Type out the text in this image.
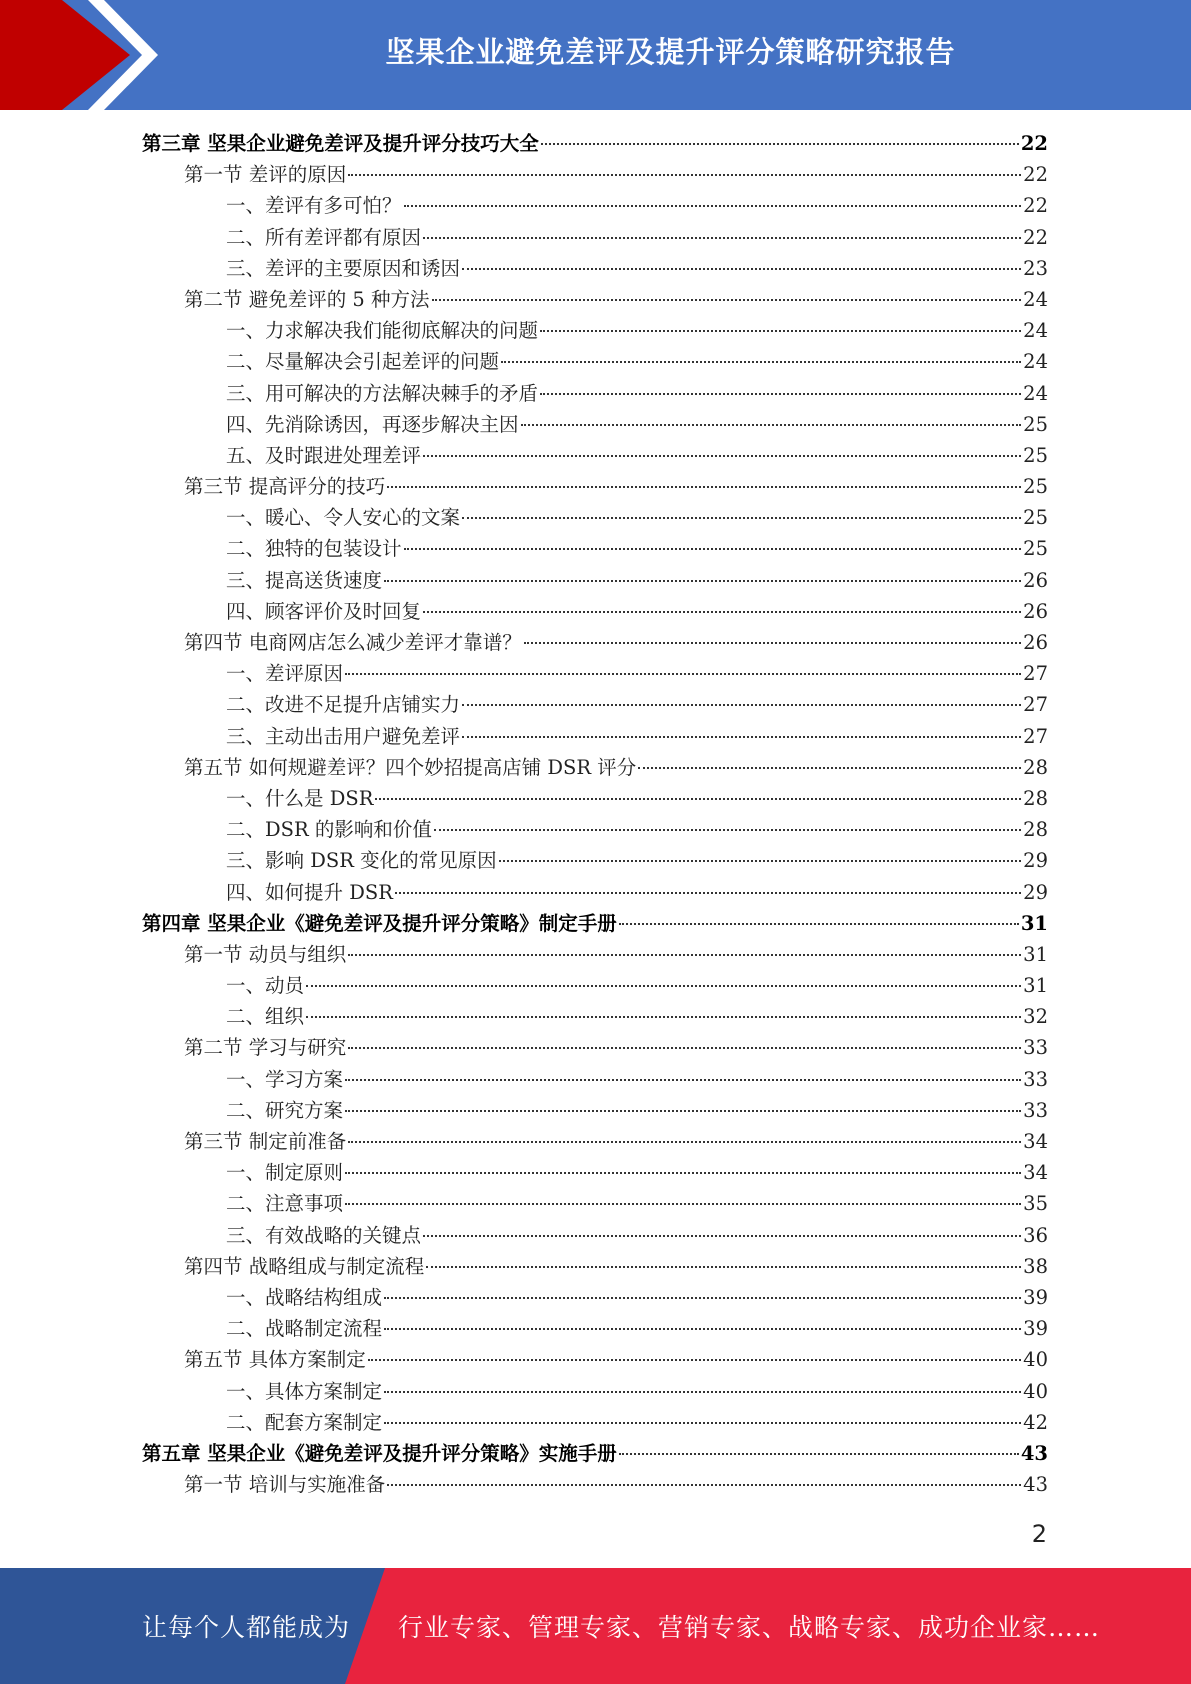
坚果企业避免差评及提升评分策略研究报告
第三章 坚果企业避免差评及提升评分技巧大全	22
第一节 差评的原因	22
一、差评有多可怕？	22
二、所有差评都有原因	22
三、差评的主要原因和诱因	23
第二节 避免差评的 5 种方法	24
一、力求解决我们能彻底解决的问题	24
二、尽量解决会引起差评的问题	24
三、用可解决的方法解决棘手的矛盾	24
四、先消除诱因，再逐步解决主因	25
五、及时跟进处理差评	25
第三节 提高评分的技巧	25
一、暖心、令人安心的文案	25
二、独特的包装设计	25
三、提高送货速度	26
四、顾客评价及时回复	26
第四节 电商网店怎么减少差评才靠谱？	26
一、差评原因	27
二、改进不足提升店铺实力	27
三、主动出击用户避免差评	27
第五节 如何规避差评？四个妙招提高店铺 DSR 评分	28
一、什么是 DSR	28
二、DSR 的影响和价值	28
三、影响 DSR 变化的常见原因	29
四、如何提升 DSR	29
第四章 坚果企业《避免差评及提升评分策略》制定手册	31
第一节 动员与组织	31
一、动员	31
二、组织	32
第二节 学习与研究	33
一、学习方案	33
二、研究方案	33
第三节 制定前准备	34
一、制定原则	34
二、注意事项	35
三、有效战略的关键点	36
第四节 战略组成与制定流程	38
一、战略结构组成	39
二、战略制定流程	39
第五节 具体方案制定	40
一、具体方案制定	40
二、配套方案制定	42
第五章 坚果企业《避免差评及提升评分策略》实施手册	43
第一节 培训与实施准备	43
2
让每个人都能成为 行业专家、管理专家、营销专家、战略专家、成功企业家……
